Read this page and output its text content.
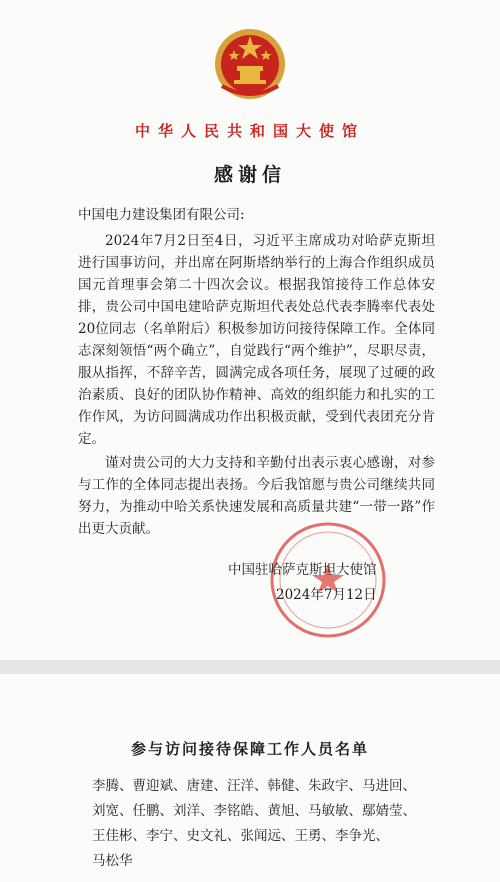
中华人民共和国大使馆
感谢信
中国电力建设集团有限公司:
2024年7月2日至4日，习近平主席成功对哈萨克斯坦进行国事访问，并出席在阿斯塔纳举行的上海合作组织成员国元首理事会第二十四次会议。根据我馆接待工作总体安排，贵公司中国电建哈萨克斯坦代表处总代表李腾率代表处20位同志（名单附后）积极参加访问接待保障工作。全体同志深刻领悟“两个确立”，自觉践行“两个维护”，尽职尽责，服从指挥，不辞辛苦，圆满完成各项任务，展现了过硬的政治素质、良好的团队协作精神、高效的组织能力和扎实的工作作风，为访问圆满成功作出积极贡献，受到代表团充分肯定。
谨对贵公司的大力支持和辛勤付出表示衷心感谢，对参与工作的全体同志提出表扬。今后我馆愿与贵公司继续共同努力，为推动中哈关系快速发展和高质量共建“一带一路”作出更大贡献。
中国驻哈萨克斯坦大使馆
2024年7月12日
参与访问接待保障工作人员名单
李腾、曹迎斌、唐建、汪洋、韩健、朱政宇、马进回、
刘宽、任鹏、刘洋、李铭皓、黄旭、马敏敏、鄢婧莹、
王佳彬、李宁、史文礼、张闻远、王勇、李争光、
马松华
